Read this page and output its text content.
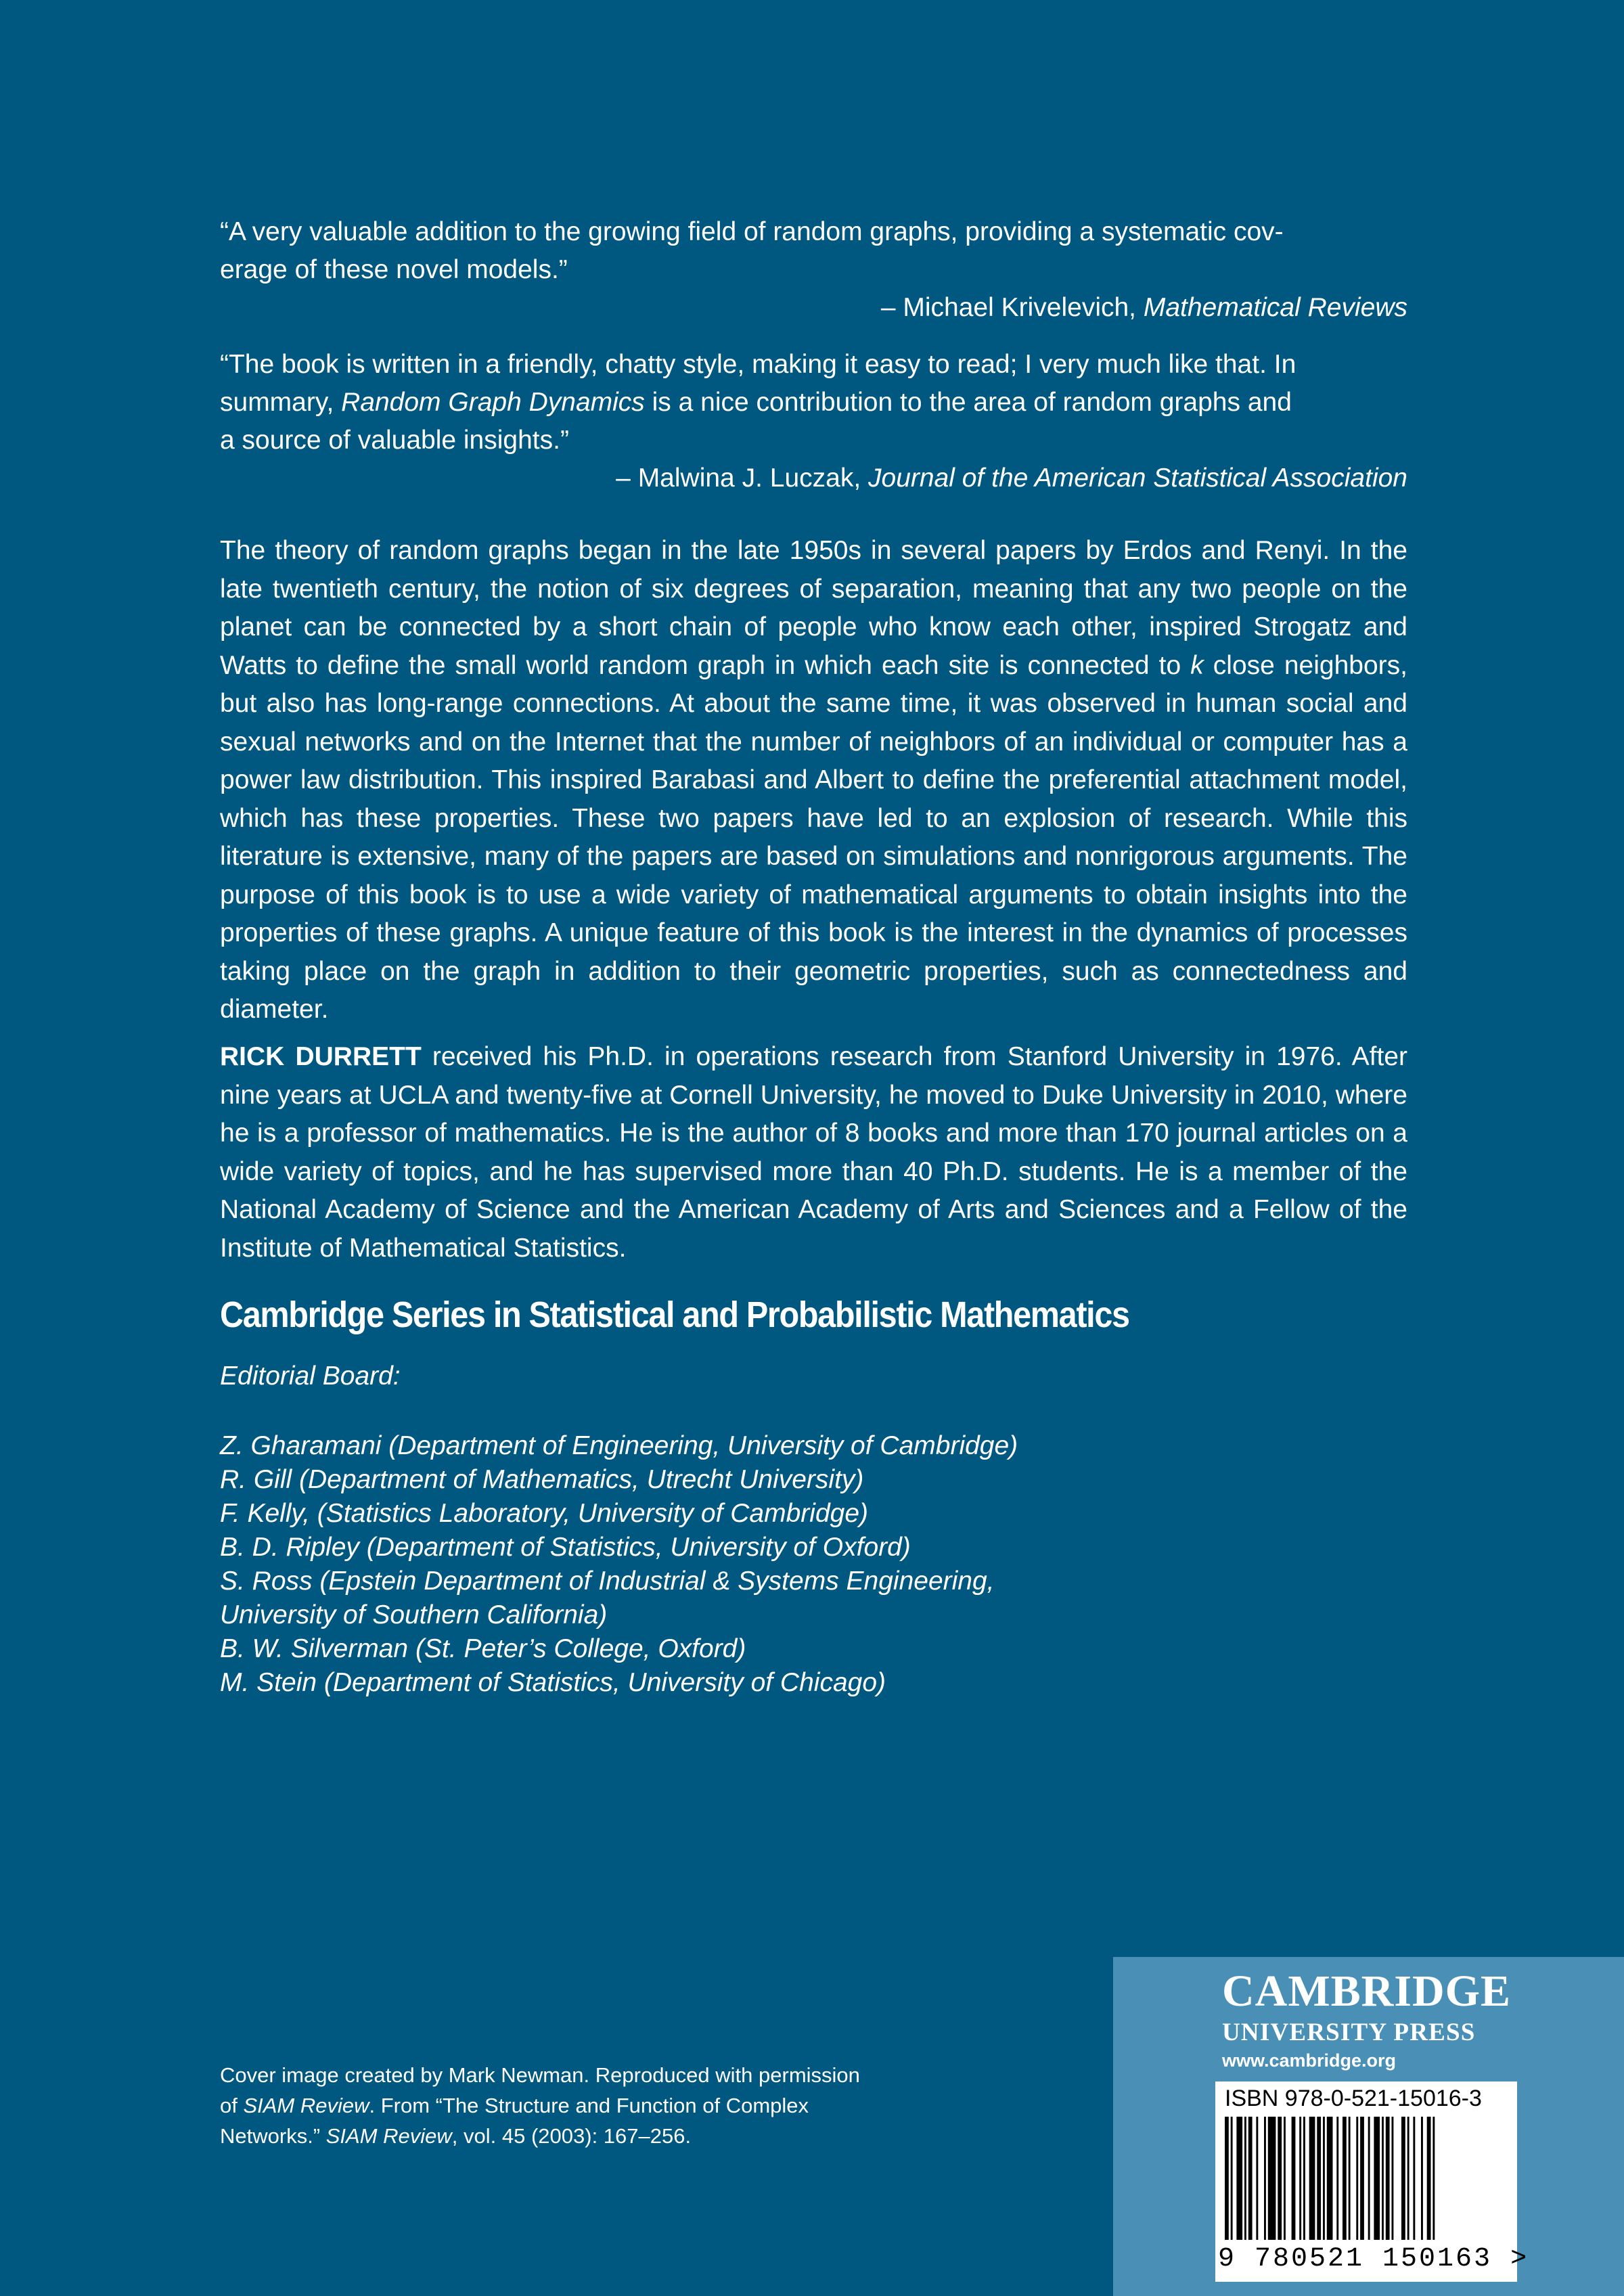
“A very valuable addition to the growing field of random graphs, providing a systematic cov-
erage of these novel models.”
– Michael Krivelevich, Mathematical Reviews
“The book is written in a friendly, chatty style, making it easy to read; I very much like that. In
summary, Random Graph Dynamics is a nice contribution to the area of random graphs and
a source of valuable insights.”
– Malwina J. Luczak, Journal of the American Statistical Association
The theory of random graphs began in the late 1950s in several papers by Erdos and Renyi. In the late twentieth century, the notion of six degrees of separation, meaning that any two people on the planet can be connected by a short chain of people who know each other, inspired Strogatz and Watts to define the small world random graph in which each site is connected to k close neighbors, but also has long-range connections. At about the same time, it was observed in human social and sexual networks and on the Internet that the number of neighbors of an individual or computer has a power law distribution. This inspired Barabasi and Albert to define the preferential attachment model, which has these properties. These two papers have led to an explosion of research. While this literature is extensive, many of the papers are based on simulations and nonrigorous arguments. The purpose of this book is to use a wide variety of mathematical arguments to obtain insights into the properties of these graphs. A unique feature of this book is the interest in the dynamics of processes taking place on the graph in addition to their geometric properties, such as connectedness and diameter.
RICK DURRETT received his Ph.D. in operations research from Stanford University in 1976. After nine years at UCLA and twenty-five at Cornell University, he moved to Duke University in 2010, where he is a professor of mathematics. He is the author of 8 books and more than 170 journal articles on a wide variety of topics, and he has supervised more than 40 Ph.D. students. He is a member of the National Academy of Science and the American Academy of Arts and Sciences and a Fellow of the Institute of Mathematical Statistics.
Cambridge Series in Statistical and Probabilistic Mathematics
Editorial Board:
Z. Gharamani (Department of Engineering, University of Cambridge)
R. Gill (Department of Mathematics, Utrecht University)
F. Kelly, (Statistics Laboratory, University of Cambridge)
B. D. Ripley (Department of Statistics, University of Oxford)
S. Ross (Epstein Department of Industrial & Systems Engineering,
University of Southern California)
B. W. Silverman (St. Peter’s College, Oxford)
M. Stein (Department of Statistics, University of Chicago)
Cover image created by Mark Newman. Reproduced with permission
of SIAM Review. From “The Structure and Function of Complex
Networks.” SIAM Review, vol. 45 (2003): 167–256.
CAMBRIDGE
UNIVERSITY PRESS
www.cambridge.org
ISBN 978-0-521-15016-3
9 780521 150163 >
